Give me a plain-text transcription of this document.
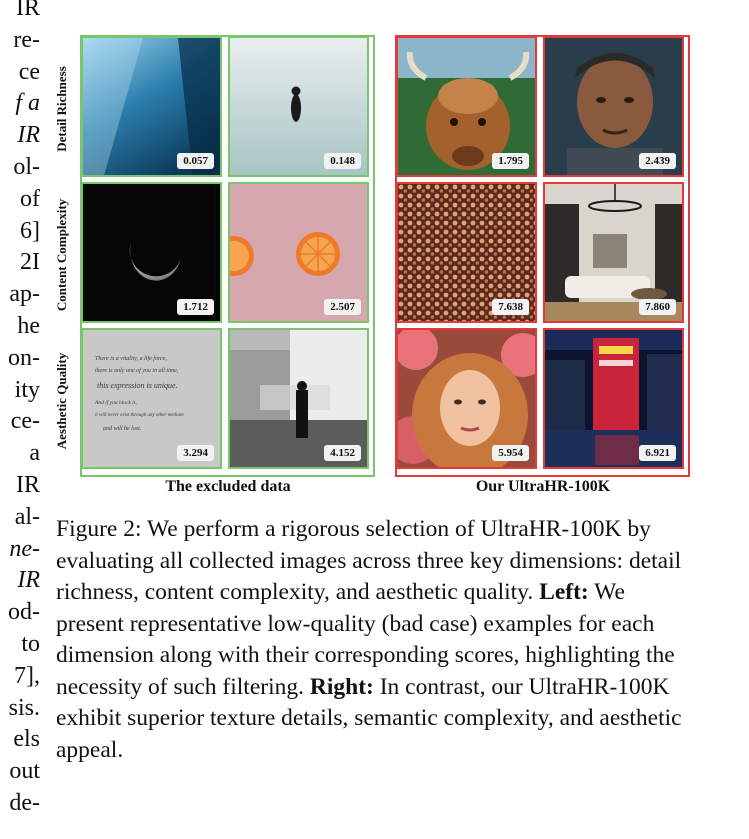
IR
re-
ce
f a
IR
ol-
of
6]
2I
ap-
he
on-
ity
ce-
a
IR
al-
ne-
IR
od-
to
7],
sis.
els
out
de-
Detail Richness
Content Complexity
Aesthetic Quality
0.057	0.148
1.712	2.507
There is a vitality, a life force,
there is only one of you in all time,
this expression is unique.
And if you block it,
it will never exist through any other medium
and will be lost.
3.294	4.152
1.795	2.439
7.638	7.860
5.954	6.921
The excluded data	Our UltraHR-100K
Figure 2: We perform a rigorous selection of UltraHR-100K by evaluating all collected images across three key dimensions: detail richness, content complexity, and aesthetic quality. Left: We present representative low-quality (bad case) examples for each dimension along with their corresponding scores, highlighting the necessity of such filtering. Right: In contrast, our UltraHR-100K exhibit superior texture details, semantic complexity, and aesthetic appeal.
